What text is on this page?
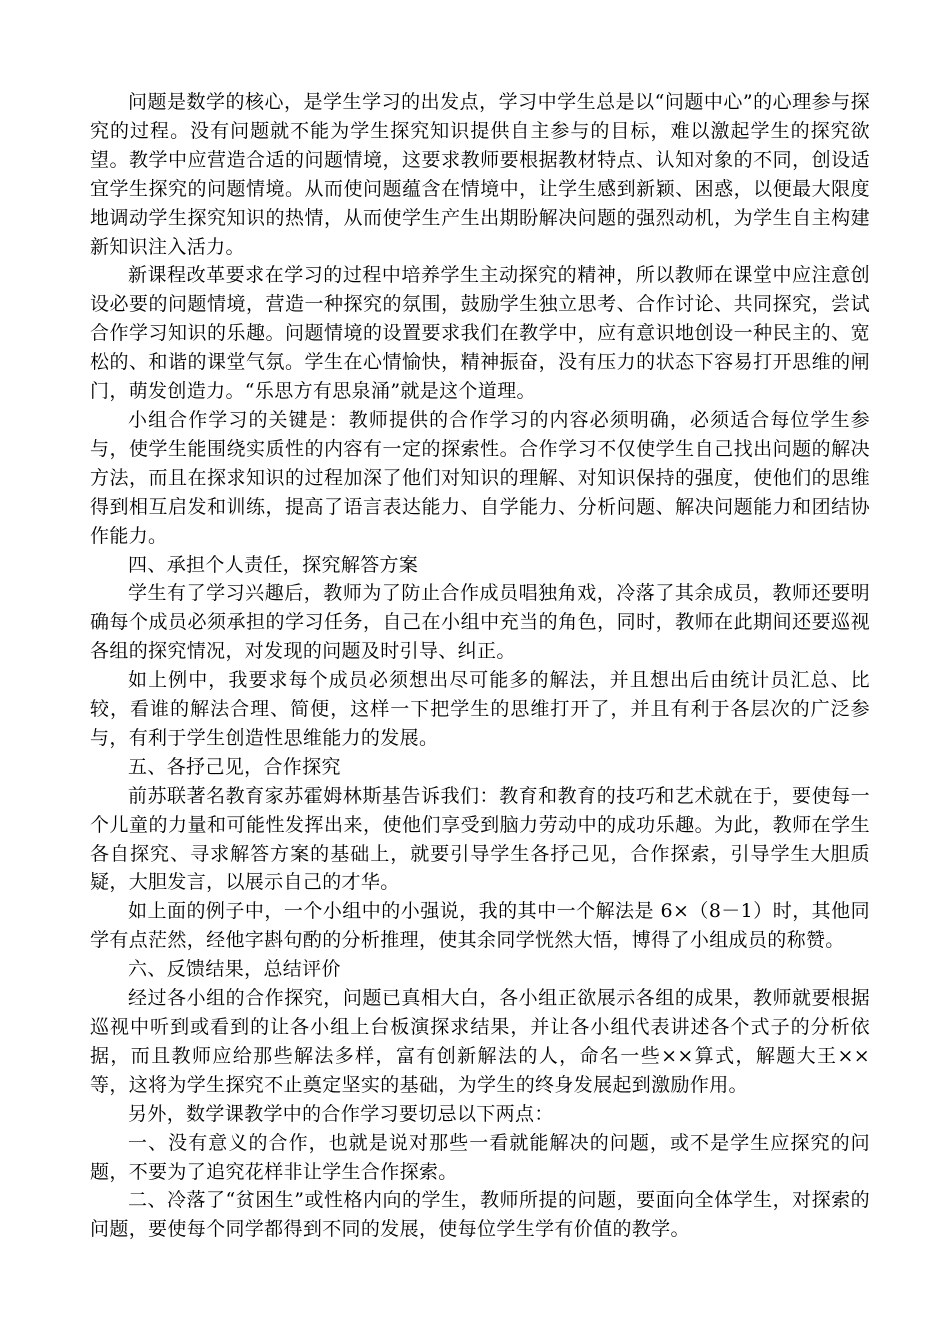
问题是数学的核心，是学生学习的出发点，学习中学生总是以“问题中心”的心理参与探究的过程。没有问题就不能为学生探究知识提供自主参与的目标，难以激起学生的探究欲望。教学中应营造合适的问题情境，这要求教师要根据教材特点、认知对象的不同，创设适宜学生探究的问题情境。从而使问题蕴含在情境中，让学生感到新颖、困惑，以便最大限度地调动学生探究知识的热情，从而使学生产生出期盼解决问题的强烈动机，为学生自主构建新知识注入活力。

新课程改革要求在学习的过程中培养学生主动探究的精神，所以教师在课堂中应注意创设必要的问题情境，营造一种探究的氛围，鼓励学生独立思考、合作讨论、共同探究，尝试合作学习知识的乐趣。问题情境的设置要求我们在教学中，应有意识地创设一种民主的、宽松的、和谐的课堂气氛。学生在心情愉快，精神振奋，没有压力的状态下容易打开思维的闸门，萌发创造力。“乐思方有思泉涌”就是这个道理。

小组合作学习的关键是：教师提供的合作学习的内容必须明确，必须适合每位学生参与，使学生能围绕实质性的内容有一定的探索性。合作学习不仅使学生自己找出问题的解决方法，而且在探求知识的过程加深了他们对知识的理解、对知识保持的强度，使他们的思维得到相互启发和训练，提高了语言表达能力、自学能力、分析问题、解决问题能力和团结协作能力。

四、承担个人责任，探究解答方案

学生有了学习兴趣后，教师为了防止合作成员唱独角戏，冷落了其余成员，教师还要明确每个成员必须承担的学习任务，自己在小组中充当的角色，同时，教师在此期间还要巡视各组的探究情况，对发现的问题及时引导、纠正。

如上例中，我要求每个成员必须想出尽可能多的解法，并且想出后由统计员汇总、比较，看谁的解法合理、简便，这样一下把学生的思维打开了，并且有利于各层次的广泛参与，有利于学生创造性思维能力的发展。

五、各抒己见，合作探究

前苏联著名教育家苏霍姆林斯基告诉我们：教育和教育的技巧和艺术就在于，要使每一个儿童的力量和可能性发挥出来，使他们享受到脑力劳动中的成功乐趣。为此，教师在学生各自探究、寻求解答方案的基础上，就要引导学生各抒己见，合作探索，引导学生大胆质疑，大胆发言，以展示自己的才华。

如上面的例子中，一个小组中的小强说，我的其中一个解法是 6×（8－1）时，其他同学有点茫然，经他字斟句酌的分析推理，使其余同学恍然大悟，博得了小组成员的称赞。

六、反馈结果，总结评价

经过各小组的合作探究，问题已真相大白，各小组正欲展示各组的成果，教师就要根据巡视中听到或看到的让各小组上台板演探求结果，并让各小组代表讲述各个式子的分析依据，而且教师应给那些解法多样，富有创新解法的人，命名一些××算式，解题大王××等，这将为学生探究不止奠定坚实的基础，为学生的终身发展起到激励作用。

另外，数学课教学中的合作学习要切忌以下两点：

一、没有意义的合作，也就是说对那些一看就能解决的问题，或不是学生应探究的问题，不要为了追究花样非让学生合作探索。

二、冷落了“贫困生”或性格内向的学生，教师所提的问题，要面向全体学生，对探索的问题，要使每个同学都得到不同的发展，使每位学生学有价值的教学。
